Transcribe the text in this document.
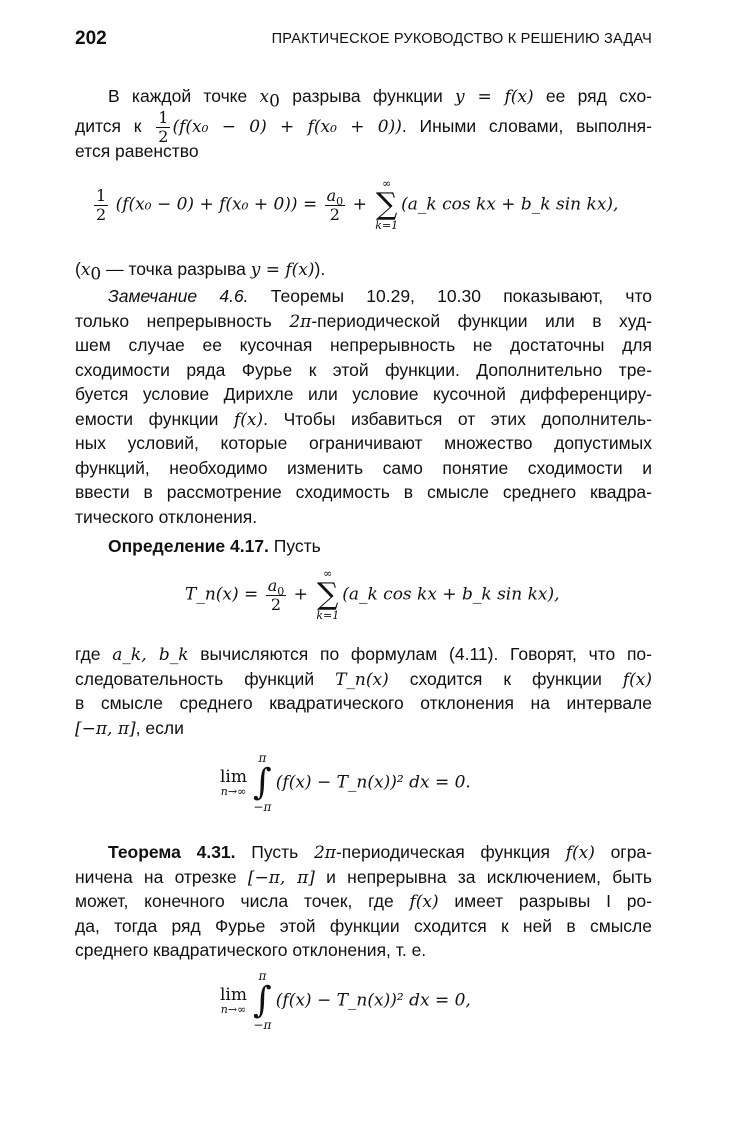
202	ПРАКТИЧЕСКОЕ РУКОВОДСТВО К РЕШЕНИЮ ЗАДАЧ
В каждой точке $x_0$ разрыва функции y = f(x) ее ряд схо-
дится к $\frac{1}{2} (f(x_0 - 0) + f(x_0 + 0))$. Иными словами, выполня-
ется равенство
$\frac{1}{2} (f(x_0 - 0) + f(x_0 + 0)) = \frac{a_0}{2}$ +
∞
∑
k=1
(a_k cos kx + b_k sin kx),
($x_0$ — точка разрыва y = f(x)).
Замечание 4.6. Теоремы 10.29, 10.30 показывают, что
только непрерывность 2π-периодической функции или в худ-
шем случае ее кусочная непрерывность не достаточны для
сходимости ряда Фурье к этой функции. Дополнительно тре-
буется условие Дирихле или условие кусочной дифференциру-
емости функции f(x). Чтобы избавиться от этих дополнитель-
ных условий, которые ограничивают множество допустимых
функций, необходимо изменить само понятие сходимости и
ввести в рассмотрение сходимость в смысле среднего квадра-
тического отклонения.
Определение 4.17. Пусть
T_n(x) = $\frac{a_0}{2}$ +
∞
∑
k=1
(a_k cos kx + b_k sin kx),
где a_k, b_k вычисляются по формулам (4.11). Говорят, что по-
следовательность функций T_n(x) сходится к функции f(x)
в смысле среднего квадратического отклонения на интервале
[−π, π], если
lim
n→∞
π
∫
−π
(f(x) − T_n(x))² dx = 0.
Теорема 4.31. Пусть 2π-периодическая функция f(x) огра-
ничена на отрезке [−π, π] и непрерывна за исключением, быть
может, конечного числа точек, где f(x) имеет разрывы I ро-
да, тогда ряд Фурье этой функции сходится к ней в смысле
среднего квадратического отклонения, т. е.
lim
n→∞
π
∫
−π
(f(x) − T_n(x))² dx = 0,
